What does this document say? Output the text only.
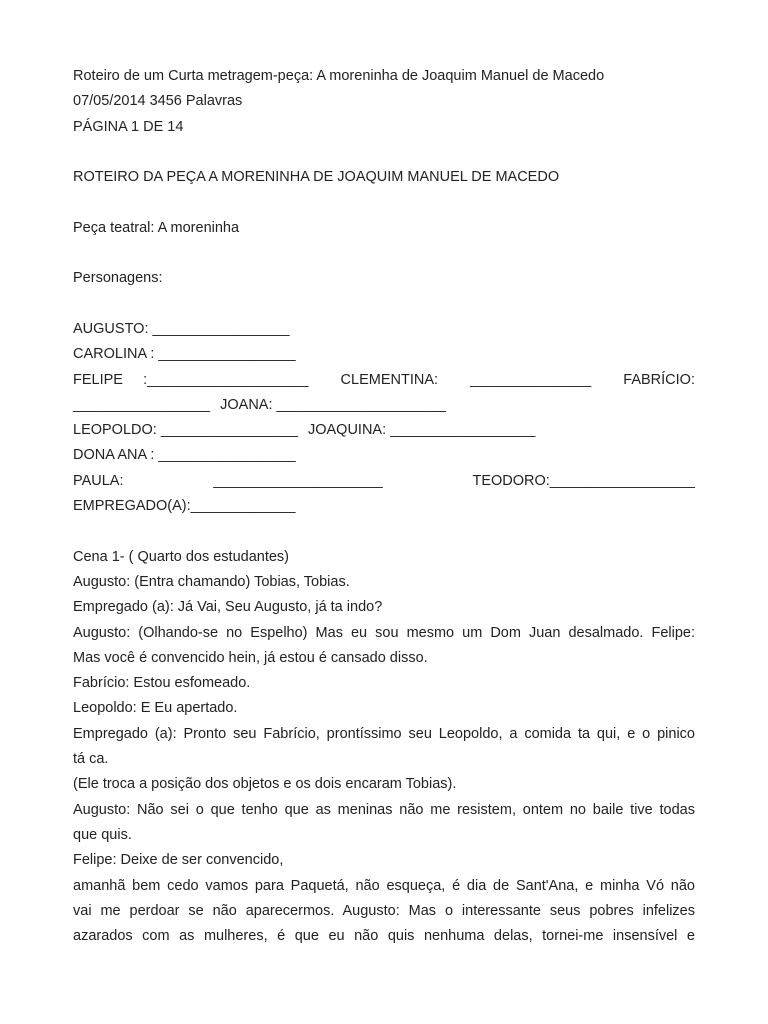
Roteiro de um Curta metragem-peça: A moreninha de Joaquim Manuel de Macedo
07/05/2014 3456 Palavras
PÁGINA 1 DE 14
ROTEIRO DA PEÇA A MORENINHA DE JOAQUIM MANUEL DE MACEDO
Peça teatral: A moreninha
Personagens:
AUGUSTO: _________________
CAROLINA : _________________
FELIPE     :____________________ CLEMENTINA: _______________ FABRÍCIO:
_________________ JOANA: _____________________
LEOPOLDO: _________________ JOAQUINA: __________________
DONA ANA : _________________
PAULA:	_____________________	TEODORO:__________________
EMPREGADO(A):_____________
Cena 1- ( Quarto dos estudantes)
Augusto: (Entra chamando) Tobias, Tobias.
Empregado (a): Já Vai, Seu Augusto, já ta indo?
Augusto: (Olhando-se no Espelho) Mas eu sou mesmo um Dom Juan desalmado. Felipe:
Mas você é convencido hein, já estou é cansado disso.
Fabrício: Estou esfomeado.
Leopoldo: E Eu apertado.
Empregado (a): Pronto seu Fabrício, prontíssimo seu Leopoldo, a comida ta qui, e o pinico
tá ca.
(Ele troca a posição dos objetos e os dois encaram Tobias).
Augusto: Não sei o que tenho que as meninas não me resistem, ontem no baile tive todas
que quis.
Felipe: Deixe de ser convencido,
amanhã bem cedo vamos para Paquetá, não esqueça, é dia de Sant'Ana, e minha Vó não
vai me perdoar se não aparecermos. Augusto: Mas o interessante seus pobres infelizes
azarados com as mulheres, é que eu não quis nenhuma delas, tornei-me insensível e
